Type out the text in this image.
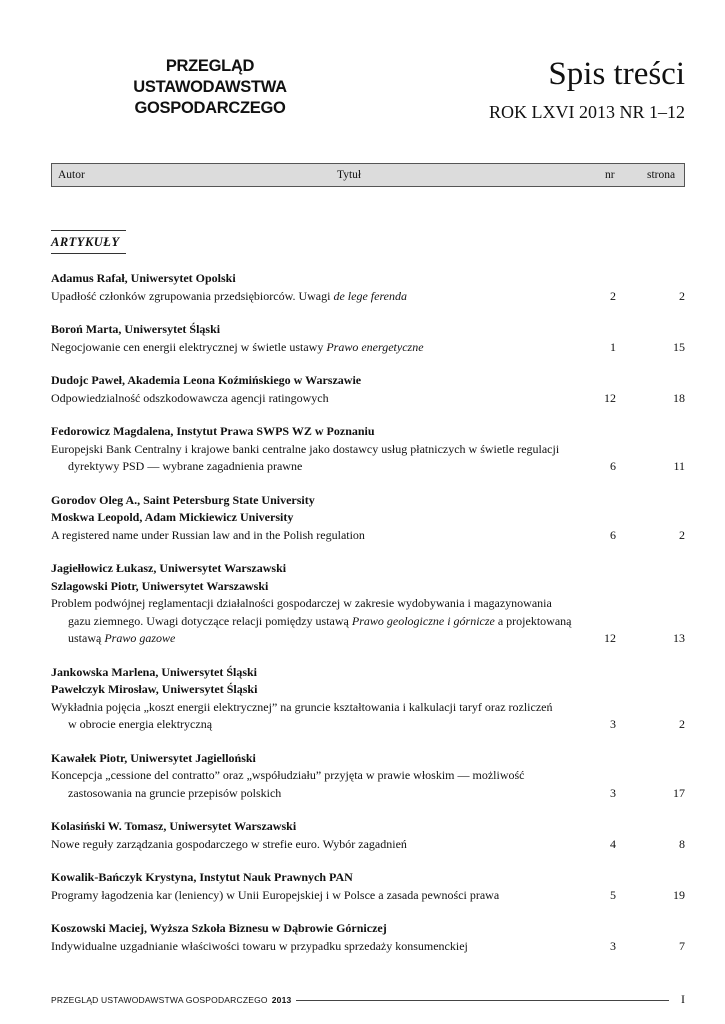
PRZEGLĄD
USTAWODAWSTWA
GOSPODARCZEGO
Spis treści
ROK LXVI 2013 NR 1–12
Autor	Tytuł	nr	strona
ARTYKUŁY
Adamus Rafał, Uniwersytet Opolski
Upadłość członków zgrupowania przedsiębiorców. Uwagi de lege ferenda	2	2
Boroń Marta, Uniwersytet Śląski
Negocjowanie cen energii elektrycznej w świetle ustawy Prawo energetyczne	1	15
Dudojc Paweł, Akademia Leona Koźmińskiego w Warszawie
Odpowiedzialność odszkodowawcza agencji ratingowych	12	18
Fedorowicz Magdalena, Instytut Prawa SWPS WZ w Poznaniu
Europejski Bank Centralny i krajowe banki centralne jako dostawcy usług płatniczych w świetle regulacji
dyrektywy PSD — wybrane zagadnienia prawne	6	11
Gorodov Oleg A., Saint Petersburg State University
Moskwa Leopold, Adam Mickiewicz University
A registered name under Russian law and in the Polish regulation	6	2
Jagiełłowicz Łukasz, Uniwersytet Warszawski
Szlagowski Piotr, Uniwersytet Warszawski
Problem podwójnej reglamentacji działalności gospodarczej w zakresie wydobywania i magazynowania
gazu ziemnego. Uwagi dotyczące relacji pomiędzy ustawą Prawo geologiczne i górnicze a projektowaną
ustawą Prawo gazowe	12	13
Jankowska Marlena, Uniwersytet Śląski
Pawełczyk Mirosław, Uniwersytet Śląski
Wykładnia pojęcia „koszt energii elektrycznej” na gruncie kształtowania i kalkulacji taryf oraz rozliczeń
w obrocie energia elektryczną	3	2
Kawałek Piotr, Uniwersytet Jagielloński
Koncepcja „cessione del contratto” oraz „współudziału” przyjęta w prawie włoskim — możliwość
zastosowania na gruncie przepisów polskich	3	17
Kolasiński W. Tomasz, Uniwersytet Warszawski
Nowe reguły zarządzania gospodarczego w strefie euro. Wybór zagadnień	4	8
Kowalik-Bańczyk Krystyna, Instytut Nauk Prawnych PAN
Programy łagodzenia kar (leniency) w Unii Europejskiej i w Polsce a zasada pewności prawa	5	19
Koszowski Maciej, Wyższa Szkoła Biznesu w Dąbrowie Górniczej
Indywidualne uzgadnianie właściwości towaru w przypadku sprzedaży konsumenckiej	3	7
PRZEGLĄD USTAWODAWSTWA GOSPODARCZEGO 2013	I
